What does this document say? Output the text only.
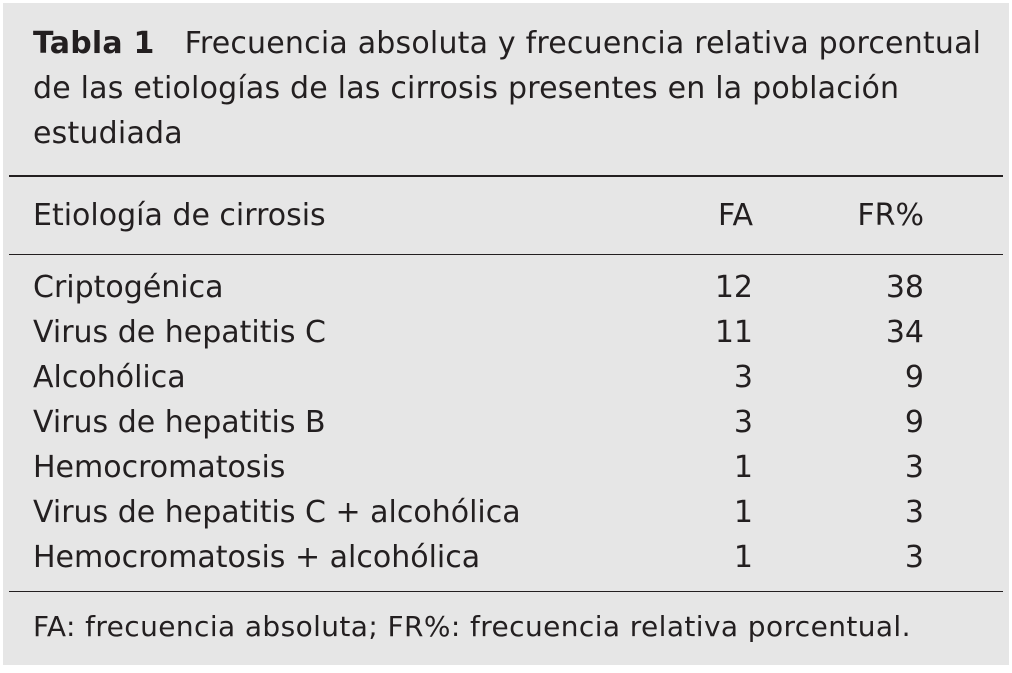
Tabla 1 Frecuencia absoluta y frecuencia relativa porcentual de las etiologías de las cirrosis presentes en la población estudiada
Etiología de cirrosis	FA	FR%
Criptogénica	12	38
Virus de hepatitis C	11	34
Alcohólica	3	9
Virus de hepatitis B	3	9
Hemocromatosis	1	3
Virus de hepatitis C + alcohólica	1	3
Hemocromatosis + alcohólica	1	3
FA: frecuencia absoluta; FR%: frecuencia relativa porcentual.
